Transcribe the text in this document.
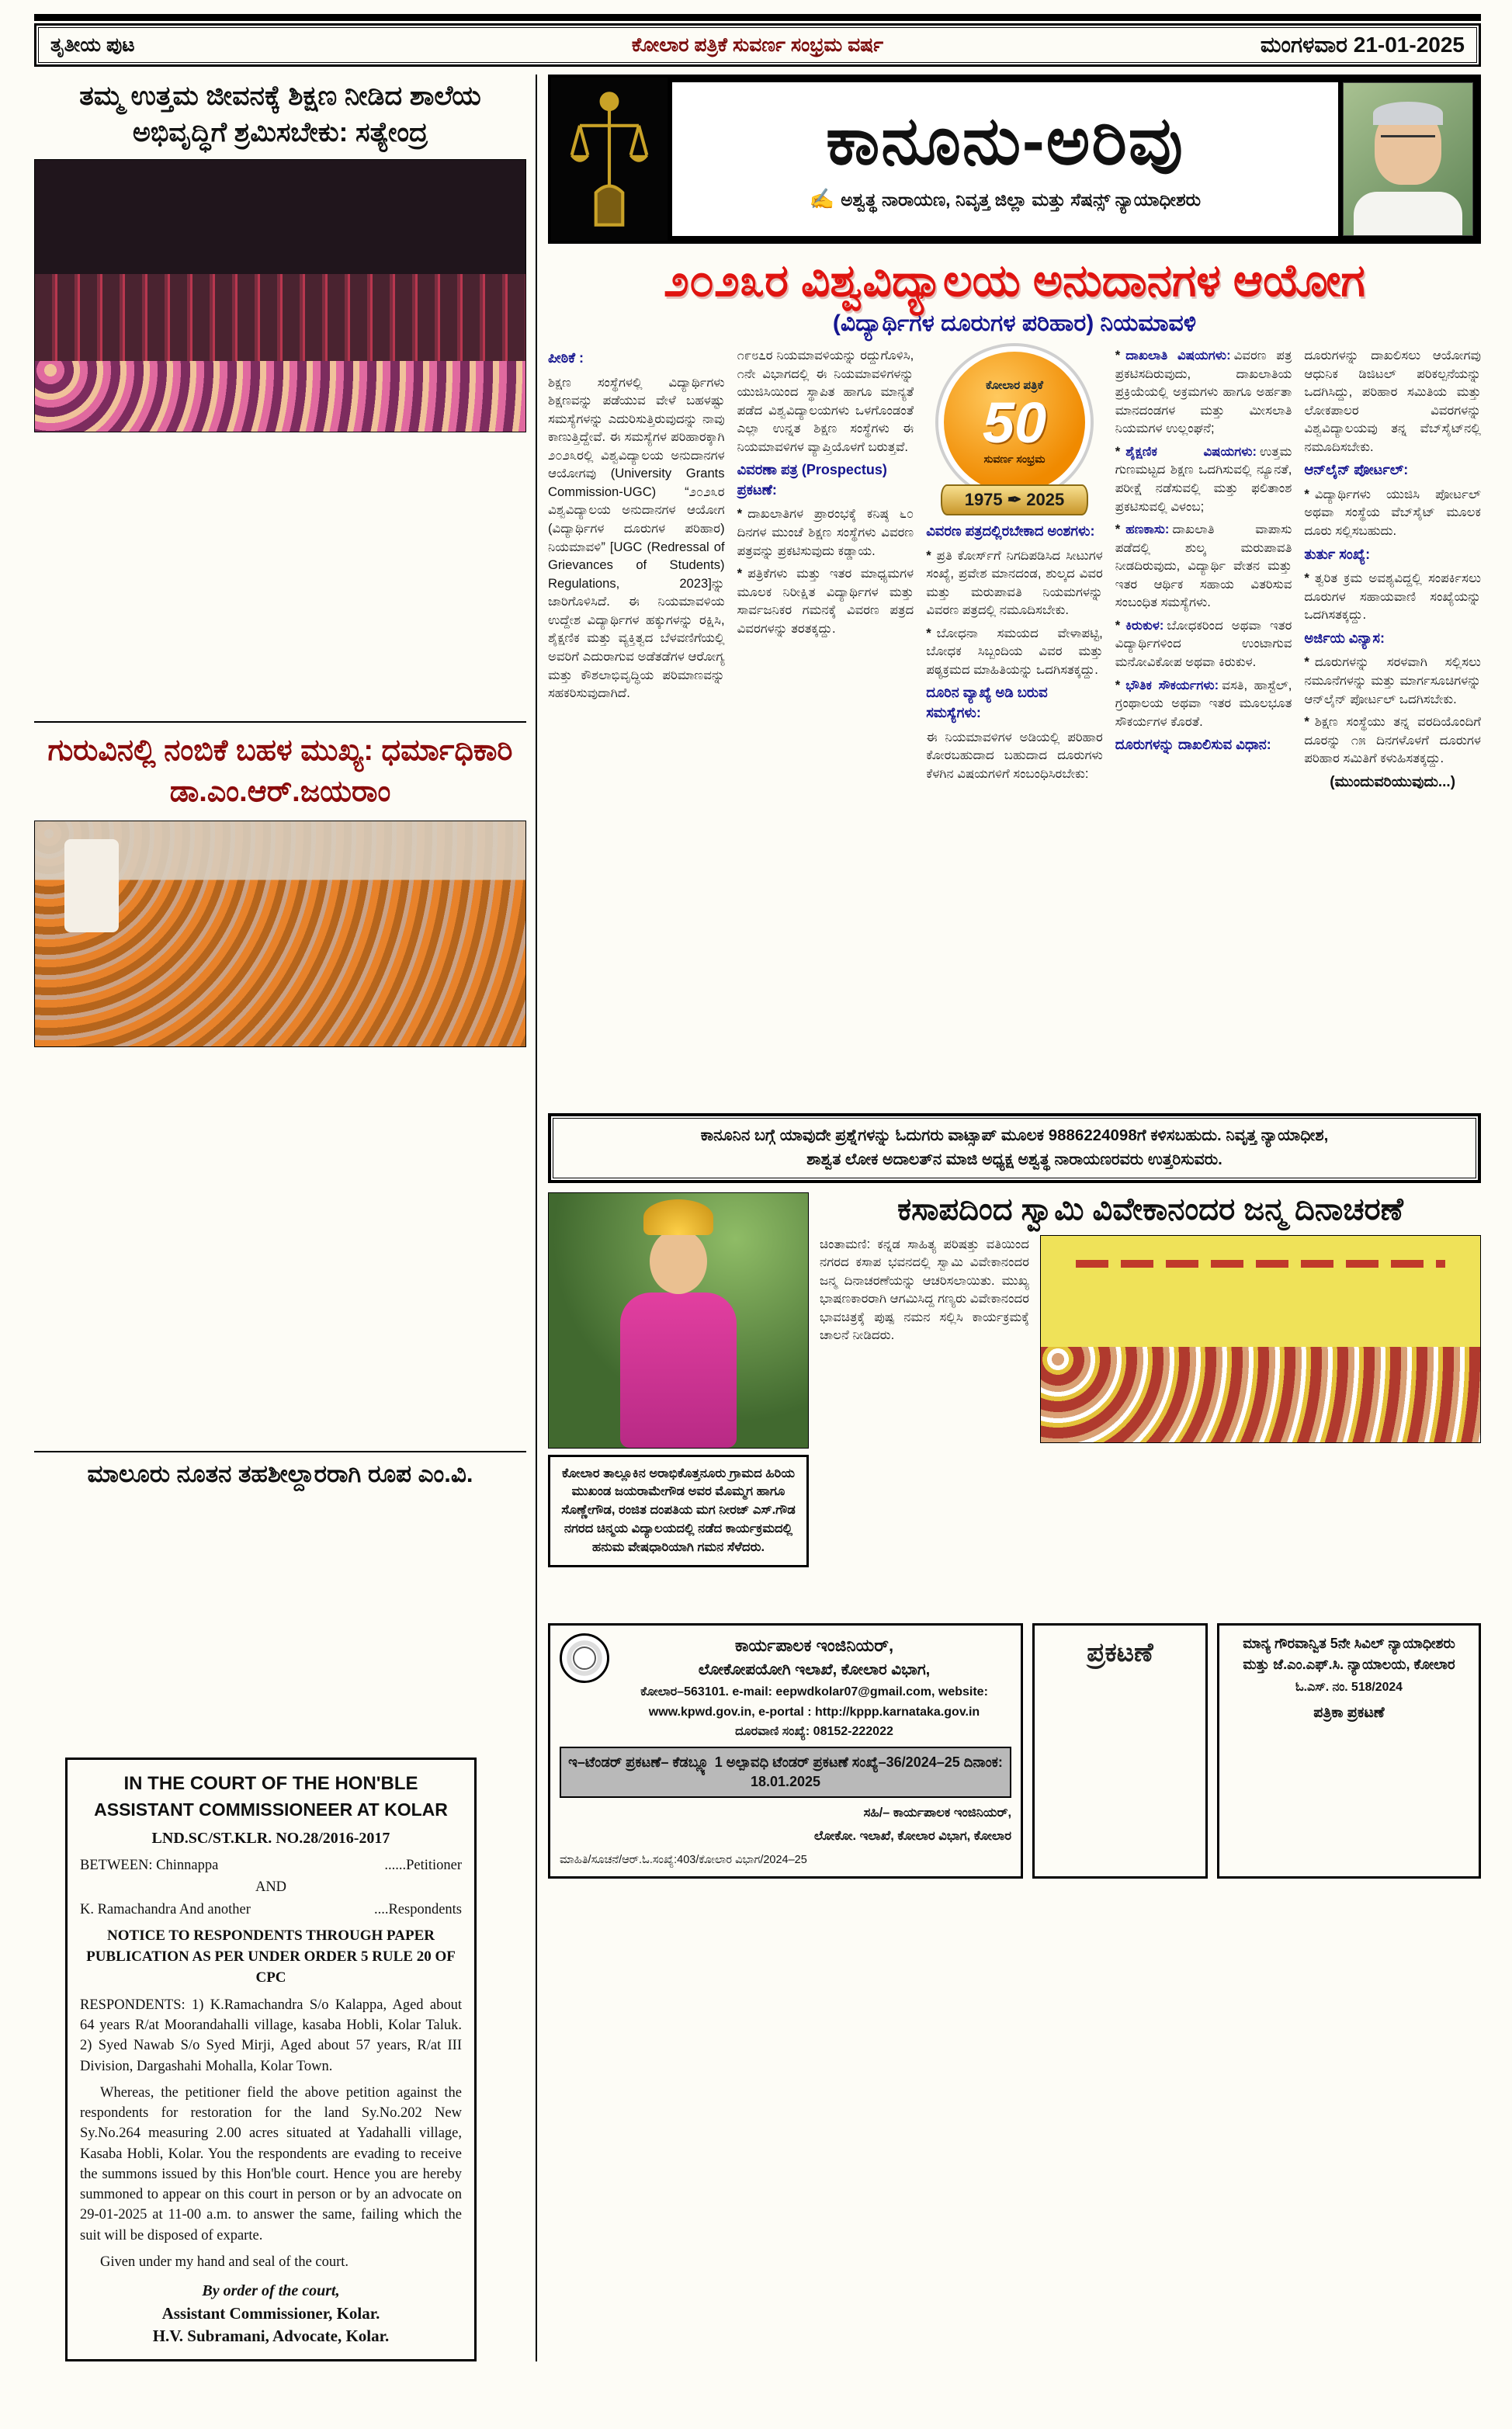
ತೃತೀಯ ಪುಟ	ಕೋಲಾರ ಪತ್ರಿಕೆ ಸುವರ್ಣ ಸಂಭ್ರಮ ವರ್ಷ	ಮಂಗಳವಾರ 21-01-2025
ತಮ್ಮ ಉತ್ತಮ ಜೀವನಕ್ಕೆ ಶಿಕ್ಷಣ ನೀಡಿದ ಶಾಲೆಯ ಅಭಿವೃದ್ಧಿಗೆ ಶ್ರಮಿಸಬೇಕು: ಸತ್ಯೇಂದ್ರ

ಗುರುವಿನಲ್ಲಿ ನಂಬಿಕೆ ಬಹಳ ಮುಖ್ಯ: ಧರ್ಮಾಧಿಕಾರಿ ಡಾ.ಎಂ.ಆರ್.ಜಯರಾಂ

ಮಾಲೂರು ನೂತನ ತಹಶೀಲ್ದಾರರಾಗಿ ರೂಪ ಎಂ.ವಿ.

IN THE COURT OF THE HON'BLE
ASSISTANT COMMISSIONEER AT KOLAR
LND.SC/ST.KLR. NO.28/2016-2017
BETWEEN: Chinnappa	......Petitioner
AND
K. Ramachandra And another	....Respondents
NOTICE TO RESPONDENTS THROUGH PAPER PUBLICATION AS PER UNDER ORDER 5 RULE 20 OF CPC

RESPONDENTS: 1) K.Ramachandra S/o Kalappa, Aged about 64 years R/at Moorandahalli village, kasaba Hobli, Kolar Taluk. 2) Syed Nawab S/o Syed Mirji, Aged about 57 years, R/at III Division, Dargashahi Mohalla, Kolar Town.

Whereas, the petitioner field the above petition against the respondents for restoration for the land Sy.No.202 New Sy.No.264 measuring 2.00 acres situated at Yadahalli village, Kasaba Hobli, Kolar. You the respondents are evading to receive the summons issued by this Hon'ble court. Hence you are hereby summoned to appear on this court in person or by an advocate on 29-01-2025 at 11-00 a.m. to answer the same, failing which the suit will be disposed of exparte.

Given under my hand and seal of the court.

By order of the court,
Assistant Commissioner, Kolar.
H.V. Subramani, Advocate, Kolar.
ಕಾನೂನು-ಅರಿವು
✍ ಅಶ್ವತ್ಥ ನಾರಾಯಣ, ನಿವೃತ್ತ ಜಿಲ್ಲಾ ಮತ್ತು ಸೆಷನ್ಸ್ ನ್ಯಾಯಾಧೀಶರು
೨೦೨೩ರ ವಿಶ್ವವಿದ್ಯಾಲಯ ಅನುದಾನಗಳ ಆಯೋಗ
(ವಿದ್ಯಾರ್ಥಿಗಳ ದೂರುಗಳ ಪರಿಹಾರ) ನಿಯಮಾವಳಿ
ಪೀಠಿಕೆ :

ಶಿಕ್ಷಣ ಸಂಸ್ಥೆಗಳಲ್ಲಿ ವಿದ್ಯಾರ್ಥಿಗಳು ಶಿಕ್ಷಣವನ್ನು ಪಡೆಯುವ ವೇಳೆ ಬಹಳಷ್ಟು ಸಮಸ್ಯೆಗಳನ್ನು ಎದುರಿಸುತ್ತಿರುವುದನ್ನು ನಾವು ಕಾಣುತ್ತಿದ್ದೇವೆ. ಈ ಸಮಸ್ಯೆಗಳ ಪರಿಹಾರಕ್ಕಾಗಿ ೨೦೨೩ರಲ್ಲಿ ವಿಶ್ವವಿದ್ಯಾಲಯ ಅನುದಾನಗಳ ಆಯೋಗವು (University Grants Commission-UGC) “೨೦೨೩ರ ವಿಶ್ವವಿದ್ಯಾಲಯ ಅನುದಾನಗಳ ಆಯೋಗ (ವಿದ್ಯಾರ್ಥಿಗಳ ದೂರುಗಳ ಪರಿಹಾರ) ನಿಯಮಾವಳಿ” [UGC (Redressal of Grievances of Students) Regulations, 2023]ನ್ನು ಜಾರಿಗೊಳಿಸಿದೆ. ಈ ನಿಯಮಾವಳಿಯ ಉದ್ದೇಶ ವಿದ್ಯಾರ್ಥಿಗಳ ಹಕ್ಕುಗಳನ್ನು ರಕ್ಷಿಸಿ, ಶೈಕ್ಷಣಿಕ ಮತ್ತು ವ್ಯಕ್ತಿತ್ವದ ಬೆಳವಣಿಗೆಯಲ್ಲಿ ಅವರಿಗೆ ಎದುರಾಗುವ ಅಡೆತಡೆಗಳ ಆರೋಗ್ಯ ಮತ್ತು ಕೌಶಲಾಭಿವೃದ್ಧಿಯ ಪರಿಮಾಣವನ್ನು ಸಹಕರಿಸುವುದಾಗಿದೆ.

೧೯೮೭ರ ನಿಯಮಾವಳಿಯನ್ನು ರದ್ದುಗೊಳಿಸಿ, ೧ನೇ ವಿಭಾಗದಲ್ಲಿ ಈ ನಿಯಮಾವಳಿಗಳನ್ನು ಯುಜಿಸಿಯಿಂದ ಸ್ಥಾಪಿತ ಹಾಗೂ ಮಾನ್ಯತೆ ಪಡೆದ ವಿಶ್ವವಿದ್ಯಾಲಯಗಳು ಒಳಗೊಂಡಂತೆ ಎಲ್ಲಾ ಉನ್ನತ ಶಿಕ್ಷಣ ಸಂಸ್ಥೆಗಳು ಈ ನಿಯಮಾವಳಿಗಳ ವ್ಯಾಪ್ತಿಯೊಳಗೆ ಬರುತ್ತವೆ.

ವಿವರಣಾ ಪತ್ರ (Prospectus) ಪ್ರಕಟಣೆ:

* ದಾಖಲಾತಿಗಳ ಪ್ರಾರಂಭಕ್ಕೆ ಕನಿಷ್ಠ ೬೦ ದಿನಗಳ ಮುಂಚೆ ಶಿಕ್ಷಣ ಸಂಸ್ಥೆಗಳು ವಿವರಣ ಪತ್ರವನ್ನು ಪ್ರಕಟಿಸುವುದು ಕಡ್ಡಾಯ.

* ಪತ್ರಿಕೆಗಳು ಮತ್ತು ಇತರ ಮಾಧ್ಯಮಗಳ ಮೂಲಕ ನಿರೀಕ್ಷಿತ ವಿದ್ಯಾರ್ಥಿಗಳ ಮತ್ತು ಸಾರ್ವಜನಿಕರ ಗಮನಕ್ಕೆ ವಿವರಣ ಪತ್ರದ ವಿವರಗಳನ್ನು ತರತಕ್ಕದ್ದು.

ಕೋಲಾರ ಪತ್ರಿಕೆ
50
ಸುವರ್ಣ ಸಂಭ್ರಮ
1975 ✒ 2025
ವಿವರಣ ಪತ್ರದಲ್ಲಿರಬೇಕಾದ ಅಂಶಗಳು:

* ಪ್ರತಿ ಕೋರ್ಸ್‌ಗೆ ನಿಗದಿಪಡಿಸಿದ ಸೀಟುಗಳ ಸಂಖ್ಯೆ, ಪ್ರವೇಶ ಮಾನದಂಡ, ಶುಲ್ಕದ ವಿವರ ಮತ್ತು ಮರುಪಾವತಿ ನಿಯಮಗಳನ್ನು ವಿವರಣ ಪತ್ರದಲ್ಲಿ ನಮೂದಿಸಬೇಕು.

* ಬೋಧನಾ ಸಮಯದ ವೇಳಾಪಟ್ಟಿ, ಬೋಧಕ ಸಿಬ್ಬಂದಿಯ ವಿವರ ಮತ್ತು ಪಠ್ಯಕ್ರಮದ ಮಾಹಿತಿಯನ್ನು ಒದಗಿಸತಕ್ಕದ್ದು.

ದೂರಿನ ವ್ಯಾಖ್ಯೆ ಅಡಿ ಬರುವ ಸಮಸ್ಯೆಗಳು:

ಈ ನಿಯಮಾವಳಿಗಳ ಅಡಿಯಲ್ಲಿ ಪರಿಹಾರ ಕೋರಬಹುದಾದ ಬಹುದಾದ ದೂರುಗಳು ಕೆಳಗಿನ ವಿಷಯಗಳಿಗೆ ಸಂಬಂಧಿಸಿರಬೇಕು:

* ದಾಖಲಾತಿ ವಿಷಯಗಳು: ವಿವರಣ ಪತ್ರ ಪ್ರಕಟಿಸದಿರುವುದು, ದಾಖಲಾತಿಯ ಪ್ರಕ್ರಿಯೆಯಲ್ಲಿ ಅಕ್ರಮಗಳು ಹಾಗೂ ಅರ್ಹತಾ ಮಾನದಂಡಗಳ ಮತ್ತು ಮೀಸಲಾತಿ ನಿಯಮಗಳ ಉಲ್ಲಂಘನೆ;

* ಶೈಕ್ಷಣಿಕ ವಿಷಯಗಳು: ಉತ್ತಮ ಗುಣಮಟ್ಟದ ಶಿಕ್ಷಣ ಒದಗಿಸುವಲ್ಲಿ ನ್ಯೂನತೆ, ಪರೀಕ್ಷೆ ನಡೆಸುವಲ್ಲಿ ಮತ್ತು ಫಲಿತಾಂಶ ಪ್ರಕಟಿಸುವಲ್ಲಿ ವಿಳಂಬ;

* ಹಣಕಾಸು: ದಾಖಲಾತಿ ವಾಪಾಸು ಪಡೆದಲ್ಲಿ ಶುಲ್ಕ ಮರುಪಾವತಿ ನೀಡದಿರುವುದು, ವಿದ್ಯಾರ್ಥಿ ವೇತನ ಮತ್ತು ಇತರ ಆರ್ಥಿಕ ಸಹಾಯ ವಿತರಿಸುವ ಸಂಬಂಧಿತ ಸಮಸ್ಯೆಗಳು.

* ಕಿರುಕುಳ: ಬೋಧಕರಿಂದ ಅಥವಾ ಇತರ ವಿದ್ಯಾರ್ಥಿಗಳಿಂದ ಉಂಟಾಗುವ ಮನೋವಿಕೋಪ ಅಥವಾ ಕಿರುಕುಳ.

* ಭೌತಿಕ ಸೌಕರ್ಯಗಳು: ವಸತಿ, ಹಾಸ್ಟೆಲ್, ಗ್ರಂಥಾಲಯ ಅಥವಾ ಇತರ ಮೂಲಭೂತ ಸೌಕರ್ಯಗಳ ಕೊರತೆ.

ದೂರುಗಳನ್ನು ದಾಖಲಿಸುವ ವಿಧಾನ:

ದೂರುಗಳನ್ನು ದಾಖಲಿಸಲು ಆಯೋಗವು ಆಧುನಿಕ ಡಿಜಿಟಲ್ ಪರಿಕಲ್ಪನೆಯನ್ನು ಒದಗಿಸಿದ್ದು, ಪರಿಹಾರ ಸಮಿತಿಯ ಮತ್ತು ಲೋಕಪಾಲರ ವಿವರಗಳನ್ನು ವಿಶ್ವವಿದ್ಯಾಲಯವು ತನ್ನ ವೆಬ್‌ಸೈಟ್‌ನಲ್ಲಿ ನಮೂದಿಸಬೇಕು.

ಆನ್‌ಲೈನ್ ಪೋರ್ಟಲ್:

* ವಿದ್ಯಾರ್ಥಿಗಳು ಯುಜಿಸಿ ಪೋರ್ಟಲ್ ಅಥವಾ ಸಂಸ್ಥೆಯ ವೆಬ್‌ಸೈಟ್ ಮೂಲಕ ದೂರು ಸಲ್ಲಿಸಬಹುದು.

ತುರ್ತು ಸಂಖ್ಯೆ:

* ತ್ವರಿತ ಕ್ರಮ ಅವಶ್ಯವಿದ್ದಲ್ಲಿ ಸಂಪರ್ಕಿಸಲು ದೂರುಗಳ ಸಹಾಯವಾಣಿ ಸಂಖ್ಯೆಯನ್ನು ಒದಗಿಸತಕ್ಕದ್ದು.

ಅರ್ಜಿಯ ವಿನ್ಯಾಸ:

* ದೂರುಗಳನ್ನು ಸರಳವಾಗಿ ಸಲ್ಲಿಸಲು ನಮೂನೆಗಳನ್ನು ಮತ್ತು ಮಾರ್ಗಸೂಚಿಗಳನ್ನು ಆನ್‌ಲೈನ್ ಪೋರ್ಟಲ್ ಒದಗಿಸಬೇಕು.

* ಶಿಕ್ಷಣ ಸಂಸ್ಥೆಯು ತನ್ನ ವರದಿಯೊಂದಿಗೆ ದೂರನ್ನು ೧೫ ದಿನಗಳೊಳಗೆ ದೂರುಗಳ ಪರಿಹಾರ ಸಮಿತಿಗೆ ಕಳುಹಿಸತಕ್ಕದ್ದು.

(ಮುಂದುವರಿಯುವುದು...)
ಕಾನೂನಿನ ಬಗ್ಗೆ ಯಾವುದೇ ಪ್ರಶ್ನೆಗಳನ್ನು ಓದುಗರು ವಾಟ್ಸಾಪ್ ಮೂಲಕ 9886224098ಗೆ ಕಳಿಸಬಹುದು. ನಿವೃತ್ತ ನ್ಯಾಯಾಧೀಶ,
ಶಾಶ್ವತ ಲೋಕ ಅದಾಲತ್‌ನ ಮಾಜಿ ಅಧ್ಯಕ್ಷ ಅಶ್ವತ್ಥ ನಾರಾಯಣರವರು ಉತ್ತರಿಸುವರು.
ಕೋಲಾರ ತಾಲ್ಲೂಕಿನ ಅರಾಭಿಕೊತ್ತನೂರು ಗ್ರಾಮದ ಹಿರಿಯ ಮುಖಂಡ ಜಯರಾಮೇಗೌಡ ಅವರ ಮೊಮ್ಮಗ ಹಾಗೂ ಸೊಣ್ಣೇಗೌಡ, ರಂಜಿತ ದಂಪತಿಯ ಮಗ ನೀರಜ್ ಎಸ್.ಗೌಡ ನಗರದ ಚಿನ್ಮಯ ವಿದ್ಯಾಲಯದಲ್ಲಿ ನಡೆದ ಕಾರ್ಯಕ್ರಮದಲ್ಲಿ ಹನುಮ ವೇಷಧಾರಿಯಾಗಿ ಗಮನ ಸೆಳೆದರು.
ಕಸಾಪದಿಂದ ಸ್ವಾಮಿ ವಿವೇಕಾನಂದರ ಜನ್ಮ ದಿನಾಚರಣೆ

ಚಿಂತಾಮಣಿ: ಕನ್ನಡ ಸಾಹಿತ್ಯ ಪರಿಷತ್ತು ವತಿಯಿಂದ ನಗರದ ಕಸಾಪ ಭವನದಲ್ಲಿ ಸ್ವಾಮಿ ವಿವೇಕಾನಂದರ ಜನ್ಮ ದಿನಾಚರಣೆಯನ್ನು ಆಚರಿಸಲಾಯಿತು. ಮುಖ್ಯ ಭಾಷಣಕಾರರಾಗಿ ಆಗಮಿಸಿದ್ದ ಗಣ್ಯರು ವಿವೇಕಾನಂದರ ಭಾವಚಿತ್ರಕ್ಕೆ ಪುಷ್ಪ ನಮನ ಸಲ್ಲಿಸಿ ಕಾರ್ಯಕ್ರಮಕ್ಕೆ ಚಾಲನೆ ನೀಡಿದರು.

ಕಾರ್ಯಪಾಲಕ ಇಂಜಿನಿಯರ್,
ಲೋಕೋಪಯೋಗಿ ಇಲಾಖೆ, ಕೋಲಾರ ವಿಭಾಗ,
ಕೋಲಾರ–563101. e-mail: eepwdkolar07@gmail.com, website:
www.kpwd.gov.in, e-portal : http://kppp.karnataka.gov.in
ದೂರವಾಣಿ ಸಂಖ್ಯೆ: 08152-222022
ಇ–ಟೆಂಡರ್ ಪ್ರಕಟಣೆ– ಕೆಡಬ್ಲ್ಯೂ 1 ಅಲ್ಪಾವಧಿ ಟೆಂಡರ್ ಪ್ರಕಟಣೆ ಸಂಖ್ಯೆ–36/2024–25 ದಿನಾಂಕ: 18.01.2025

ಸಹಿ/– ಕಾರ್ಯಪಾಲಕ ಇಂಜಿನಿಯರ್,
ಲೋಕೋ. ಇಲಾಖೆ, ಕೋಲಾರ ವಿಭಾಗ, ಕೋಲಾರ
ಮಾಹಿತಿ/ಸೂಚನೆ/ಆರ್.ಓ.ಸಂಖ್ಯೆ:403/ಕೋಲಾರ ವಿಭಾಗ/2024–25
ಪ್ರಕಟಣೆ	ಮಾನ್ಯ ಗೌರವಾನ್ವಿತ 5ನೇ ಸಿವಿಲ್ ನ್ಯಾಯಾಧೀಶರು
ಮತ್ತು ಜೆ.ಎಂ.ಎಫ್.ಸಿ. ನ್ಯಾಯಾಲಯ, ಕೋಲಾರ
ಓ.ಎಸ್. ನಂ. 518/2024

ಪತ್ರಿಕಾ ಪ್ರಕಟಣೆ
